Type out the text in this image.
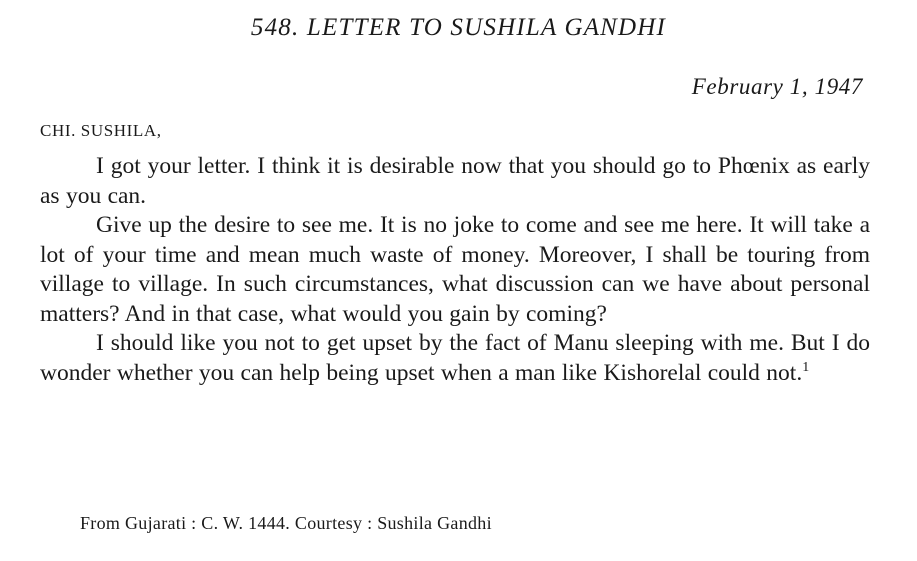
548. LETTER TO SUSHILA GANDHI
February 1, 1947
CHI. SUSHILA,

I got your letter. I think it is desirable now that you should go to Phœnix as early as you can.

Give up the desire to see me. It is no joke to come and see me here. It will take a lot of your time and mean much waste of money. Moreover, I shall be touring from village to village. In such circumstances, what discussion can we have about personal matters? And in that case, what would you gain by coming?

I should like you not to get upset by the fact of Manu sleeping with me. But I do wonder whether you can help being upset when a man like Kishorelal could not.$^1$

From Gujarati : C. W. 1444. Courtesy : Sushila Gandhi
